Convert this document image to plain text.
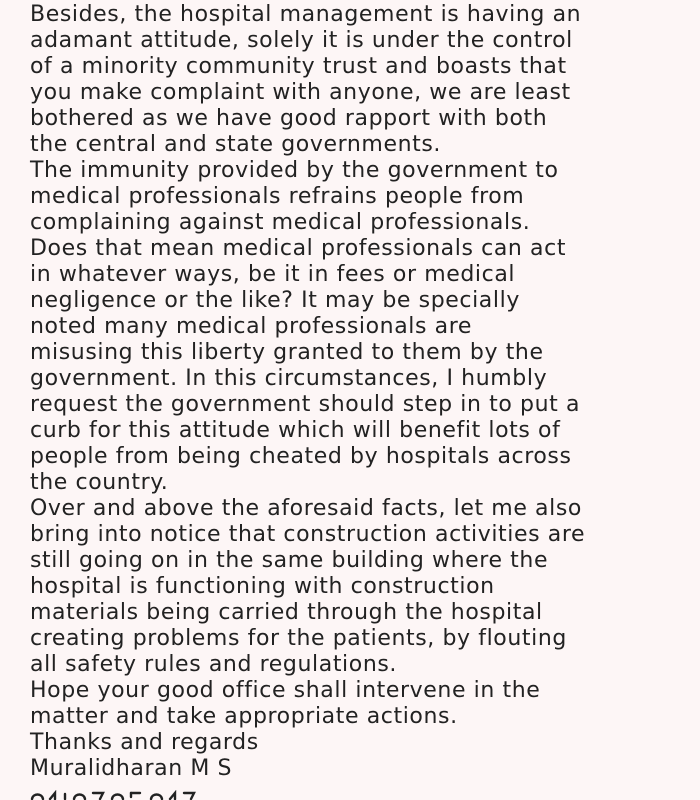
Besides, the hospital management is having an
adamant attitude, solely it is under the control
of a minority community trust and boasts that
you make complaint with anyone, we are least
bothered as we have good rapport with both
the central and state governments.
The immunity provided by the government to
medical professionals refrains people from
complaining against medical professionals.
Does that mean medical professionals can act
in whatever ways, be it in fees or medical
negligence or the like? It may be specially
noted many medical professionals are
misusing this liberty granted to them by the
government. In this circumstances, I humbly
request the government should step in to put a
curb for this attitude which will benefit lots of
people from being cheated by hospitals across
the country.
Over and above the aforesaid facts, let me also
bring into notice that construction activities are
still going on in the same building where the
hospital is functioning with construction
materials being carried through the hospital
creating problems for the patients, by flouting
all safety rules and regulations.
Hope your good office shall intervene in the
matter and take appropriate actions.
Thanks and regards
Muralidharan M S
